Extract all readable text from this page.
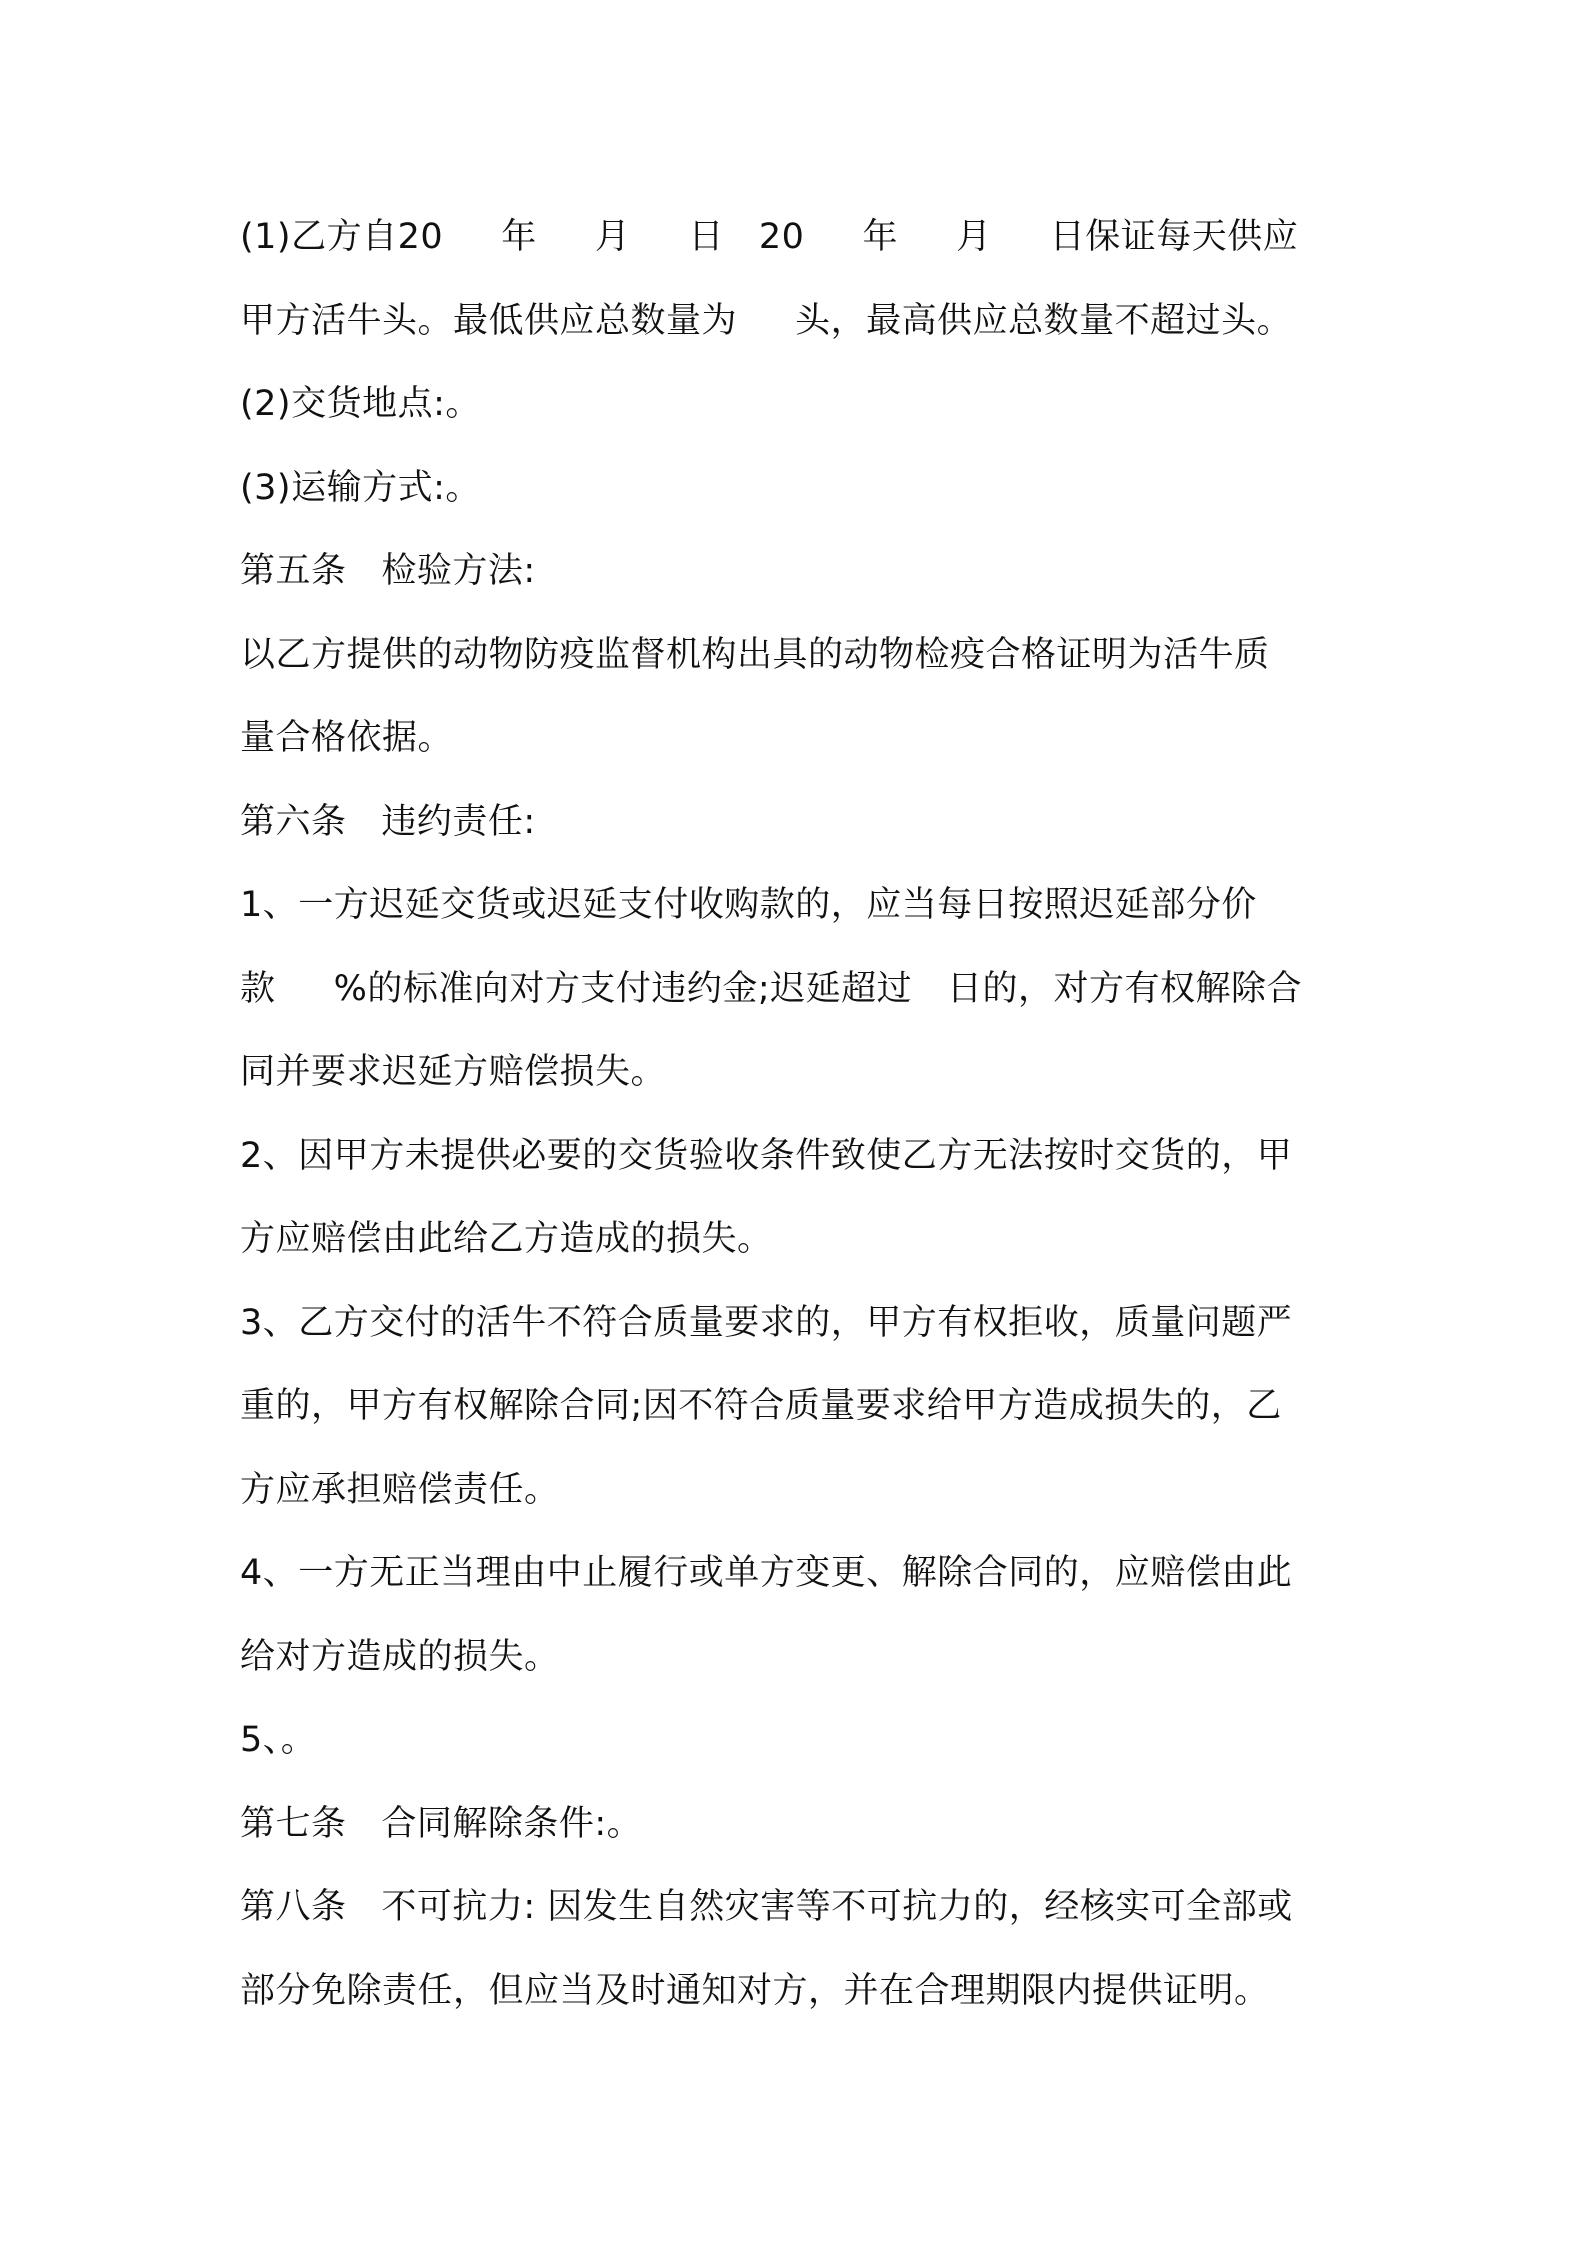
(1)乙方自20     年     月     日   20     年     月     日保证每天供应
甲方活牛头。最低供应总数量为     头，最高供应总数量不超过头。
(2)交货地点:。
(3)运输方式:。
第五条   检验方法:
以乙方提供的动物防疫监督机构出具的动物检疫合格证明为活牛质
量合格依据。
第六条   违约责任:
1、一方迟延交货或迟延支付收购款的，应当每日按照迟延部分价
款     %的标准向对方支付违约金;迟延超过   日的，对方有权解除合
同并要求迟延方赔偿损失。
2、因甲方未提供必要的交货验收条件致使乙方无法按时交货的，甲
方应赔偿由此给乙方造成的损失。
3、乙方交付的活牛不符合质量要求的，甲方有权拒收，质量问题严
重的，甲方有权解除合同;因不符合质量要求给甲方造成损失的，乙
方应承担赔偿责任。
4、一方无正当理由中止履行或单方变更、解除合同的，应赔偿由此
给对方造成的损失。
5、。
第七条   合同解除条件:。
第八条   不可抗力: 因发生自然灾害等不可抗力的，经核实可全部或
部分免除责任，但应当及时通知对方，并在合理期限内提供证明。
